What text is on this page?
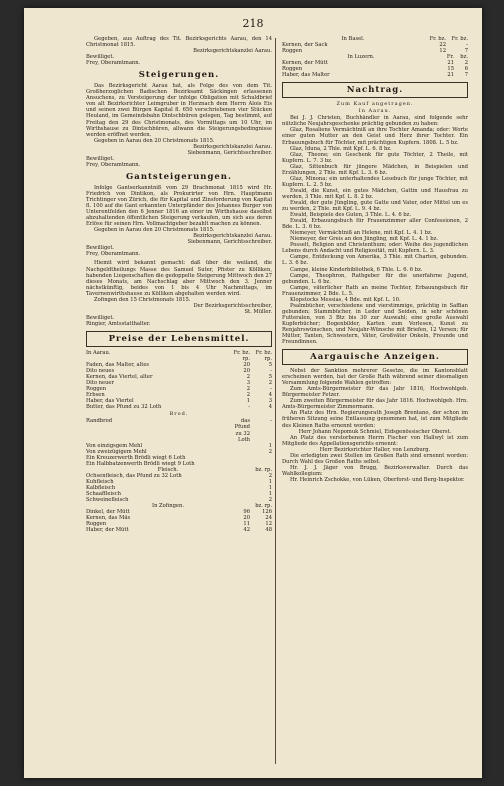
218

Gegeben, aus Auftrag des Tit. Bezirksgerichts Aarau, den 14 Christmonat 1815.

Bezirksgerichtskanzlei Aarau.

Bewilliget.

Frey, Oberamtmann.

Steigerungen.

Das Bezirksgericht Aarau hat, als Folge des von dem Tit. Großherzoglichen Badischen Bezirksamt Säckingen erlassenen Ansuchens, zu Versteigerung der infolge Obligation mit Schuldbrief von alt Bezirksrichter Leimgruber in Herznach dem Herrn Alois Eis und seinen zwei Bürgen Kapital fl. 650 verschriebenen vier Stücken Heuland, im Gemeindsbahn Dintschbüren gelegen, Tag bestimmt, auf Freitag den 29 des Christmonats, des Vormittags um 10 Uhr, im Wirthshause zu Dintschbüren, allwann die Steigerungsbedingnisse werden eröffnet werden.

Gegeben in Aarau den 20 Christmonats 1815.

Bezirksgerichtskanzlei Aarau.

Siebenmann, Gerichtsschreiber.

Bewilliget.

Frey, Oberamtmann.

Gantsteigerungen.

Infolge Gantserkanntniß vom 29 Brachmonat 1815 wird Hr. Friedrich von Dintikon, als Prokurirter von Hrn. Hauptmann Trichtinger von Zürich, die für Kapital und Zinsforderung von Kapital fl. 100 auf die Gant erkannten Unterpfänder des Johannes Burger von Unterentfelden den 6 Jenner 1816 an einer im Wirthshause daselbst abzuhaltenden öffentlichen Steigerung verkaufen, um sich aus deren Erlöse für seinen Hrn. Vollmachtgeber bezahlt machen zu können.

Gegeben in Aarau den 20 Christmonats 1815.

Bezirksgerichtskanzlei Aarau.

Siebenmann, Gerichtsschreiber.

Bewilliget.

Frey, Oberamtmann.

Hiemit wird bekannt gemacht: daß über die weiland, die Nachgeldtheilungs Masse des Samuel Suter, Pfister zu Kölliken, habenden Liegenschaften die gedoppelte Steigerung Mittwoch den 27 dieses Monats, am Nachschlag aber Mittwoch den 3. Jenner nächstkünftig, beides von 1 bis 4 Uhr Nachmittags, im Tavernenwirthshause zu Kölliken abgehalten werden wird.

Zofingen den 15 Christmonats 1815.

Der Bezirksgerichtsschreiber,

St. Müller.

Bewilliget.

Ringier, Amtsstatthalter.

Preise der Lebensmittel.
In Aarau.	Fr. bz. rp.
Fr. bz. rp.
Faden, das Malter, altes	20	5
Dito neues	20	-
Kernen, das Viertel, alter	2	5
Dito neuer	3	2
Roggen	2	-
Erbsen	2	4
Haber, das Viertel	1	3
Butter, das Pfund zu 32 Loth	-	4
Brod.
Randbrod	das Pfund zu 32 Loth
-
Von einzigsgem Mehl	1
Von zweizügigem Mehl	2
Ein Kreuzerwerth Brödli wiegt 6 Loth
Ein Halbbatzenwerth Brödli wiegt 9 Loth
Fleisch.	bz. rp.
Ochsenfleisch, das Pfund zu 32 Loth	2
Kuhfleisch	1
Kalbfleisch	1
Schaaffleisch	1
Schweinefleisch	2
In Zofingen.	bz. rp.
Dinkel, der Mütt	96	126
Kernen, das Mäs	20	24
Roggen	11	12
Haber, der Mütt	42	48
In Basel.	Fr. bz.	Fr. bz.
Kernen, der Sack	22	-
Roggen	12	7
In Luzern.	Fr.	bz.
Kernen, der Mütt	21	2
Roggen	15	6
Haber, das Malter	21	7
Nachtrag.
Zum Kauf angetragen.
In Aarau.

Bei J. J. Christen, Buchhändler in Aarau, sind folgende sehr nützliche Neujahrsgeschenke prächtig gebunden zu haben:

Glaz, Rosaliens Vermächtniß an ihre Tochter Amanda; oder: Worte einer guten Mutter an den Geist und Herz ihrer Tochter. Ein Erbauungsbuch für Töchter, mit prächtigen Kupfern. 1808. L. 5 bz.

Glaz, Iduna, 2 Thle. mit Kpf. L. 6. 8 bz.

Glaz, Theone; ein Geschenk für gute Töchter, 2 Theile, mit Kupfern. L. 7. 3 bz.

Glaz, Sittenbuch für jüngere Mädchen, in Beispielen und Erzählungen, 2 Thle. mit Kpf. L. 3. 6 bz.

Glaz, Minona; ein unterhaltendes Lesebuch für junge Töchter, mit Kupfern. L. 2. 5 bz.

Ewald, die Kunst, ein gutes Mädchen, Gattin und Hausfrau zu werden, 3 Thle. mit Kpf. L. 8. 2 bz.

Ewald, der gute Jüngling, gute Gatte und Vater, oder Mittel um es zu werden, 2 Thle. mit Kpf. L. 9. 4 bz.

Ewald, Beispiele des Guten, 3 Thle. L. 4. 6 bz.

Ewald, Erbauungsbuch für Frauenzimmer aller Confessionen, 2 Bde. L. 3. 6 bz.

Niemeyer, Vermächtniß an Helene, mit Kpf. L. 4. 1 bz.

Niemeyer, der Greis an den Jüngling, mit Kpf. L. 4. 1 bz.

Posselt, Religion und Christenthum; oder: Weihe des jugendlichen Lebens durch Andacht und Religiosität, mit Kupfern. L. 3.

Campe, Entdeckung von Amerika, 3 Thle. mit Charten, gebunden. L. 3. 6 bz.

Campe, kleine Kinderbibliothek, 6 Thle. L. 6. 6 bz.

Campe, Theophron, Rathgeber für die unerfahrne Jugend, gebunden. L. 6 bz.

Campe, väterlicher Rath an meine Tochter, Erbauungsbuch für Frauenzimmer, 2 Bde. L. 5.

Klopstocks Messias, 4 Bde. mit Kpf. L. 10.

Psalmbücher, verschiedene und vierstimmige, prächtig in Saffian gebunden; Stammbücher, in Leder und Seiden, in sehr schönen Futteralen, von 3 Btz bis 30 zur Auswahl; eine große Auswahl Kupferbücher; Bogenbilder, Karten zum Vorlesen, Kunst zu Renjahrswünschen, und Neujahr-Wünsche mit Briefen, 12 Versen; für Mütter, Tanten, Schwestern, Väter, Großväter Onkeln, Freunde und Freundinnen.

Aargauische Anzeigen.

Nebst der Sanktion mehrerer Gesetze, die im Kantonsblatt erscheinen werden, hat der Große Rath während seiner diesmaligen Versammlung folgende Wahlen getroffen:

Zum Amts-Bürgermeister für das Jahr 1816, Hochwohlgeb. Bürgermeister Fetzer.

Zum zweiten Bürgermeister für das Jahr 1816. Hochwohlgeb. Hrn. Amts-Bürgermeister Zimmermann.

An Platz des Hrn. Regierungsrath Joseph Brentano, der schon im früheren Sitzung seine Entlassung genommen hat, ist zum Mitgliede des Kleinen Raths ernennt worden:

Herr Johann Nepomuk Schmiel, Eidsgenössischer Oberst.

An Platz des verstorbenen Herrn Fischer von Hallwyl ist zum Mitgliede des Appellationsgerichts ernennt:

Herr Bezirksrichter Haller, von Lenzburg.

Die erledigten zwei Stellen im Großen Rath sind ernennt worden: Durch Wahl des Großen Raths selbst.

Hr. J. J. Jäger von Brugg, Bezirksverwalter. Durch das Wahlkollegium:

Hr. Heinrich Zschokke, von Lüken, Oberforst- und Berg-Inspektor.
